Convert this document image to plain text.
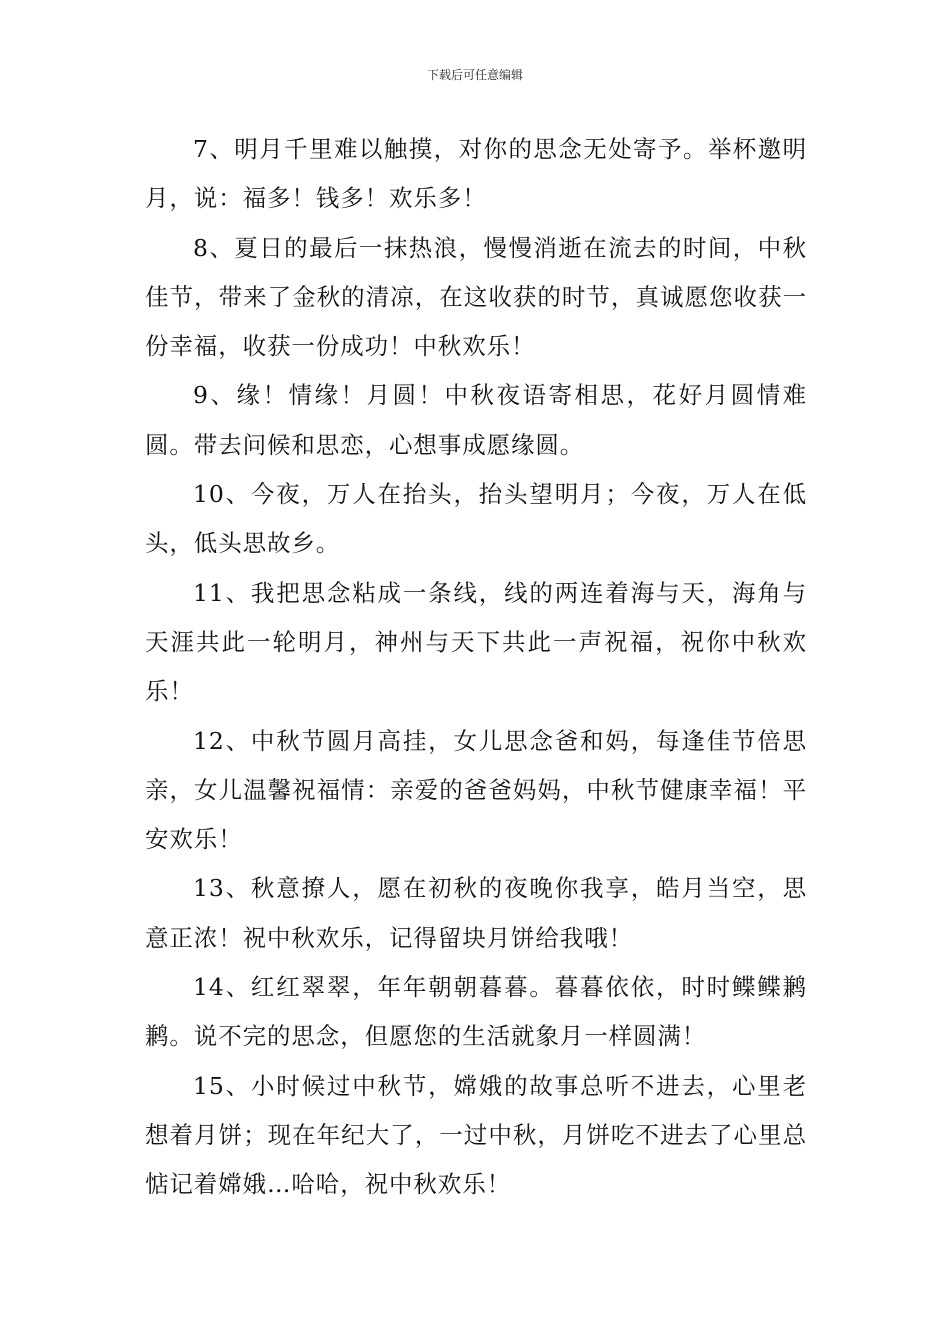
下载后可任意编辑

7、明月千里难以触摸，对你的思念无处寄予。举杯邀明月，说：福多！钱多！欢乐多！

8、夏日的最后一抹热浪，慢慢消逝在流去的时间，中秋佳节，带来了金秋的清凉，在这收获的时节，真诚愿您收获一份幸福，收获一份成功！中秋欢乐！

9、缘！情缘！月圆！中秋夜语寄相思，花好月圆情难圆。带去问候和思恋，心想事成愿缘圆。

10、今夜，万人在抬头，抬头望明月；今夜，万人在低头，低头思故乡。

11、我把思念粘成一条线，线的两连着海与天，海角与天涯共此一轮明月，神州与天下共此一声祝福，祝你中秋欢乐！

12、中秋节圆月高挂，女儿思念爸和妈，每逢佳节倍思亲，女儿温馨祝福情：亲爱的爸爸妈妈，中秋节健康幸福！平安欢乐！

13、秋意撩人，愿在初秋的夜晚你我享，皓月当空，思意正浓！祝中秋欢乐，记得留块月饼给我哦！

14、红红翠翠，年年朝朝暮暮。暮暮依依，时时鲽鲽鹣鹣。说不完的思念，但愿您的生活就象月一样圆满！

15、小时候过中秋节，嫦娥的故事总听不进去，心里老想着月饼；现在年纪大了，一过中秋，月饼吃不进去了心里总惦记着嫦娥…哈哈，祝中秋欢乐！
